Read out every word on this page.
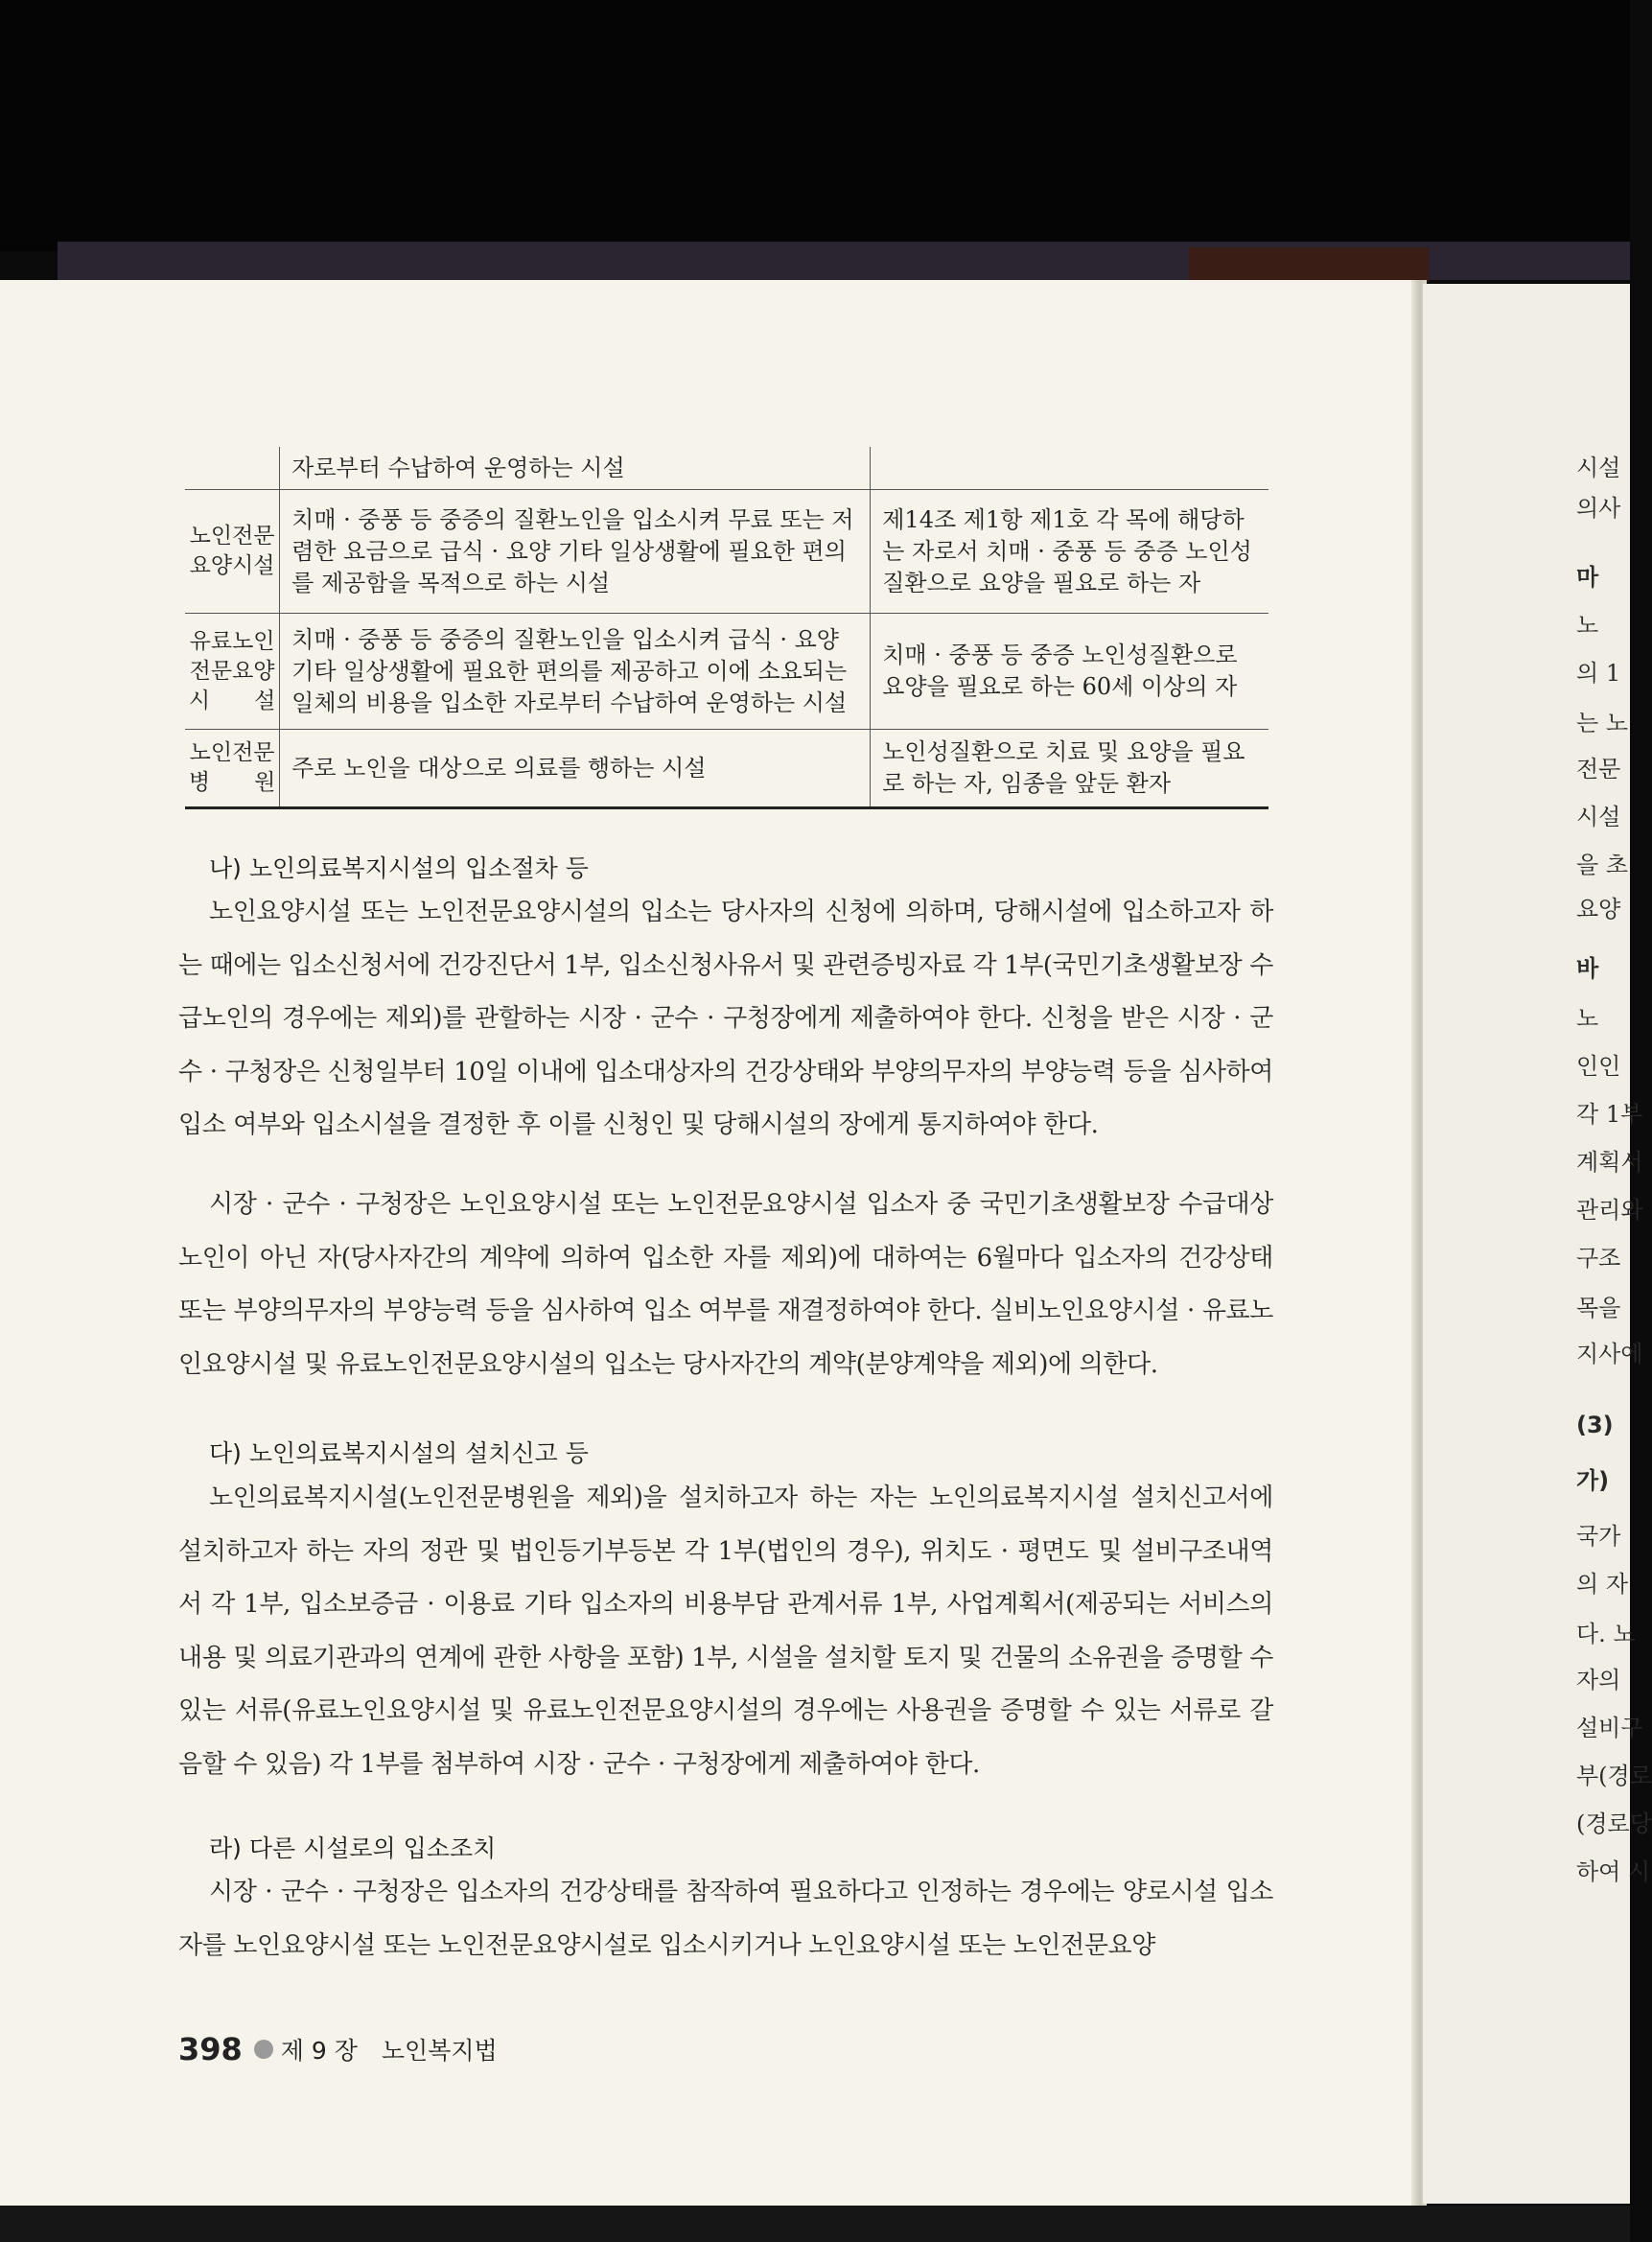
시설
의사
마
노
의 1
는 노
전문
시설
을 초
요양
바
노
인인
각 1부
계획서
관리와
구조
목을
지사에
(3)
가)
국가
의 자
다. 노
자의
설비구
부(경로
(경로당
하여 시
	자로부터 수납하여 운영하는 시설	
노인전문
요양시설	치매 · 중풍 등 중증의 질환노인을 입소시켜 무료 또는 저렴한 요금으로 급식 · 요양 기타 일상생활에 필요한 편의를 제공함을 목적으로 하는 시설	제14조 제1항 제1호 각 목에 해당하는 자로서 치매 · 중풍 등 중증 노인성질환으로 요양을 필요로 하는 자
유료노인
전문요양
시　　설	치매 · 중풍 등 중증의 질환노인을 입소시켜 급식 · 요양 기타 일상생활에 필요한 편의를 제공하고 이에 소요되는 일체의 비용을 입소한 자로부터 수납하여 운영하는 시설	치매 · 중풍 등 중증 노인성질환으로 요양을 필요로 하는 60세 이상의 자
노인전문
병　　원	주로 노인을 대상으로 의료를 행하는 시설	노인성질환으로 치료 및 요양을 필요로 하는 자, 임종을 앞둔 환자
나) 노인의료복지시설의 입소절차 등

노인요양시설 또는 노인전문요양시설의 입소는 당사자의 신청에 의하며, 당해시설에 입소하고자 하는 때에는 입소신청서에 건강진단서 1부, 입소신청사유서 및 관련증빙자료 각 1부(국민기초생활보장 수급노인의 경우에는 제외)를 관할하는 시장 · 군수 · 구청장에게 제출하여야 한다. 신청을 받은 시장 · 군수 · 구청장은 신청일부터 10일 이내에 입소대상자의 건강상태와 부양의무자의 부양능력 등을 심사하여 입소 여부와 입소시설을 결정한 후 이를 신청인 및 당해시설의 장에게 통지하여야 한다.

시장 · 군수 · 구청장은 노인요양시설 또는 노인전문요양시설 입소자 중 국민기초생활보장 수급대상노인이 아닌 자(당사자간의 계약에 의하여 입소한 자를 제외)에 대하여는 6월마다 입소자의 건강상태 또는 부양의무자의 부양능력 등을 심사하여 입소 여부를 재결정하여야 한다. 실비노인요양시설 · 유료노인요양시설 및 유료노인전문요양시설의 입소는 당사자간의 계약(분양계약을 제외)에 의한다.

다) 노인의료복지시설의 설치신고 등

노인의료복지시설(노인전문병원을 제외)을 설치하고자 하는 자는 노인의료복지시설 설치신고서에 설치하고자 하는 자의 정관 및 법인등기부등본 각 1부(법인의 경우), 위치도 · 평면도 및 설비구조내역서 각 1부, 입소보증금 · 이용료 기타 입소자의 비용부담 관계서류 1부, 사업계획서(제공되는 서비스의 내용 및 의료기관과의 연계에 관한 사항을 포함) 1부, 시설을 설치할 토지 및 건물의 소유권을 증명할 수 있는 서류(유료노인요양시설 및 유료노인전문요양시설의 경우에는 사용권을 증명할 수 있는 서류로 갈음할 수 있음) 각 1부를 첨부하여 시장 · 군수 · 구청장에게 제출하여야 한다.

라) 다른 시설로의 입소조치

시장 · 군수 · 구청장은 입소자의 건강상태를 참작하여 필요하다고 인정하는 경우에는 양로시설 입소자를 노인요양시설 또는 노인전문요양시설로 입소시키거나 노인요양시설 또는 노인전문요양

398 제 9 장　노인복지법
